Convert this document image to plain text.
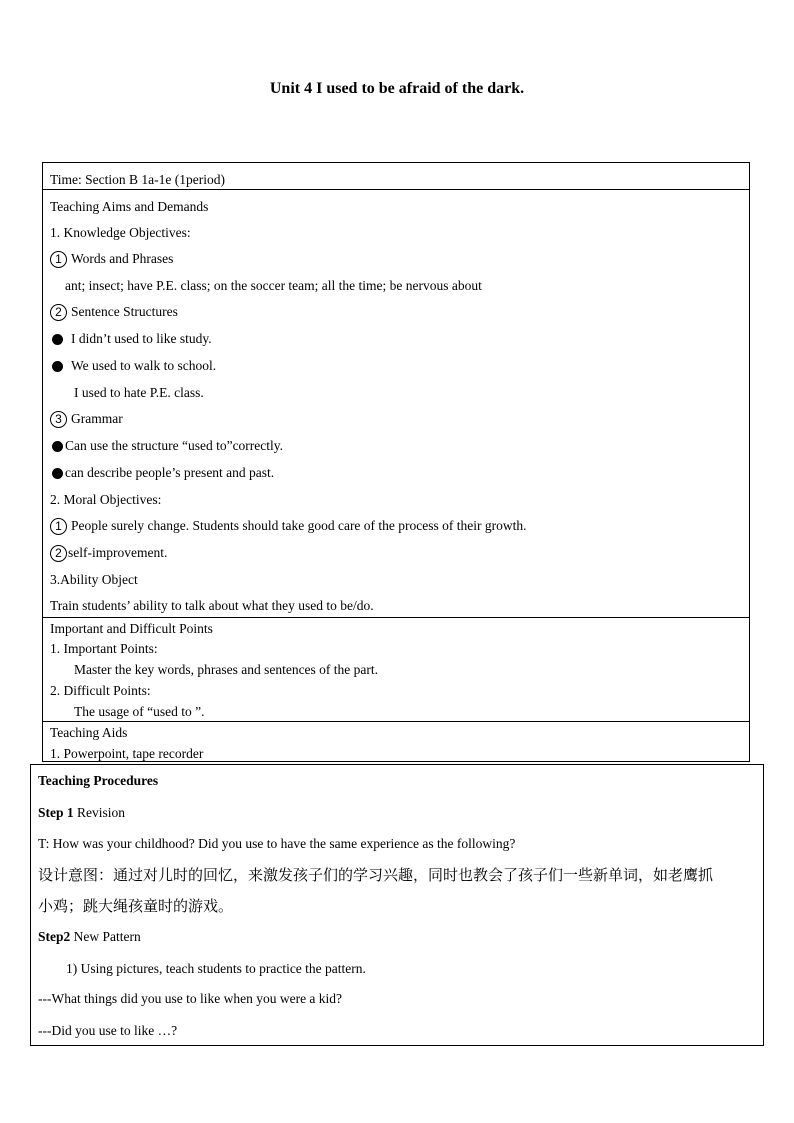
Unit 4 I used to be afraid of the dark.
Time: Section B 1a-1e (1period)
Teaching Aims and Demands
1. Knowledge Objectives:
1 Words and Phrases
ant; insect; have P.E. class; on the soccer team; all the time; be nervous about
2 Sentence Structures
I didn’t used to like study.
We used to walk to school.
I used to hate P.E. class.
3 Grammar
Can use the structure “used to”correctly.
can describe people’s present and past.
2. Moral Objectives:
1 People surely change. Students should take good care of the process of their growth.
2 self-improvement.
3.Ability Object
Train students’ ability to talk about what they used to be/do.
Important and Difficult Points
1. Important Points:
Master the key words, phrases and sentences of the part.
2. Difficult Points:
The usage of “used to ”.
Teaching Aids
1. Powerpoint, tape recorder
Teaching Procedures
Step 1 Revision
T: How was your childhood? Did you use to have the same experience as the following?
设计意图：通过对儿时的回忆，来激发孩子们的学习兴趣，同时也教会了孩子们一些新单词，如老鹰抓
小鸡；跳大绳孩童时的游戏。
Step2 New Pattern
1) Using pictures, teach students to practice the pattern.
---What things did you use to like when you were a kid?
---Did you use to like …?
